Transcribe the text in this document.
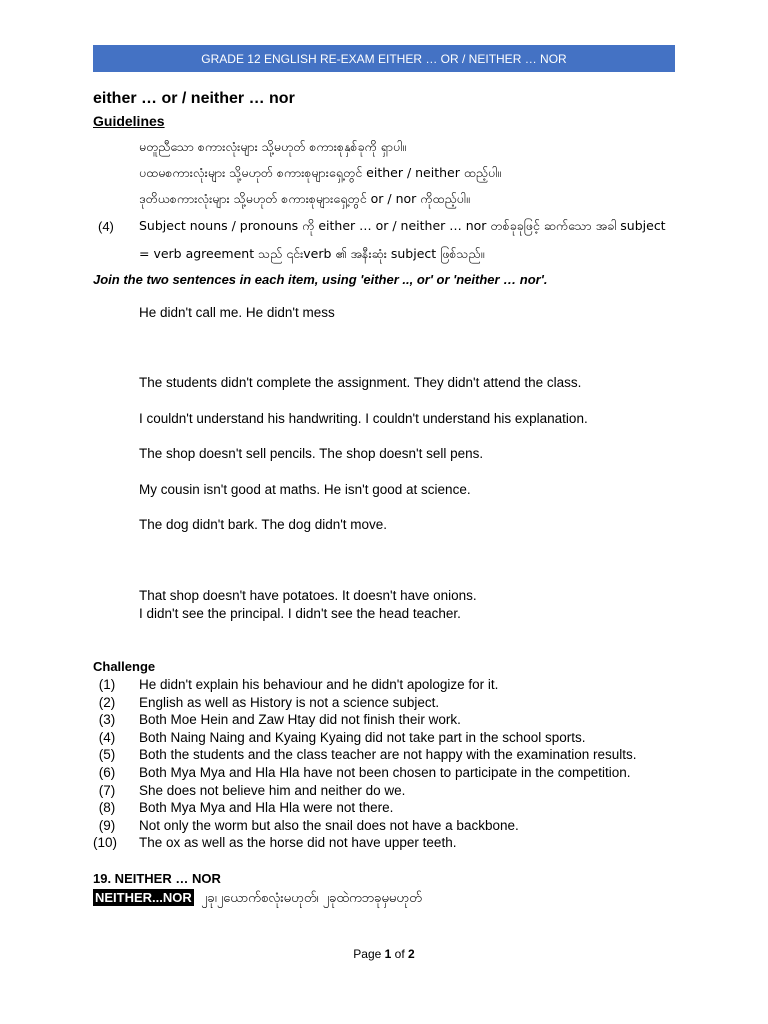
GRADE 12 ENGLISH RE-EXAM EITHER … OR / NEITHER … NOR
either … or / neither … nor
Guidelines
မတူညီသော စကားလုံးများ သို့မဟုတ် စကားစုနှစ်ခုကို ရှာပါ။
ပထမစကားလုံးများ သို့မဟုတ် စကားစုများရှေ့တွင် either / neither ထည့်ပါ။
ဒုတိယစကားလုံးများ သို့မဟုတ် စကားစုများရှေ့တွင် or / nor ကိုထည့်ပါ။
(4) Subject nouns / pronouns ကို either … or / neither … nor တစ်ခုခုဖြင့် ဆက်သော အခါ subject
= verb agreement သည် ၎င်းverb ၏ အနီးဆုံး subject ဖြစ်သည်။
Join the two sentences in each item, using 'either .., or' or 'neither … nor'.
He didn't call me. He didn't mess
The students didn't complete the assignment. They didn't attend the class.
I couldn't understand his handwriting. I couldn't understand his explanation.
The shop doesn't sell pencils. The shop doesn't sell pens.
My cousin isn't good at maths. He isn't good at science.
The dog didn't bark. The dog didn't move.
That shop doesn't have potatoes. It doesn't have onions.
I didn't see the principal. I didn't see the head teacher.
Challenge
(1)	He didn't explain his behaviour and he didn't apologize for it.
(2)	English as well as History is not a science subject.
(3)	Both Moe Hein and Zaw Htay did not finish their work.
(4)	Both Naing Naing and Kyaing Kyaing did not take part in the school sports.
(5)	Both the students and the class teacher are not happy with the examination results.
(6)	Both Mya Mya and Hla Hla have not been chosen to participate in the competition.
(7)	She does not believe him and neither do we.
(8)	Both Mya Mya and Hla Hla were not there.
(9)	Not only the worm but also the snail does not have a backbone.
(10)	The ox as well as the horse did not have upper teeth.
19. NEITHER … NOR
NEITHER...NOR ၂ခု၊၂ယောက်စလုံးမဟုတ်၊ ၂ခုထဲကဘခုမှမဟုတ်
Page 1 of 2
